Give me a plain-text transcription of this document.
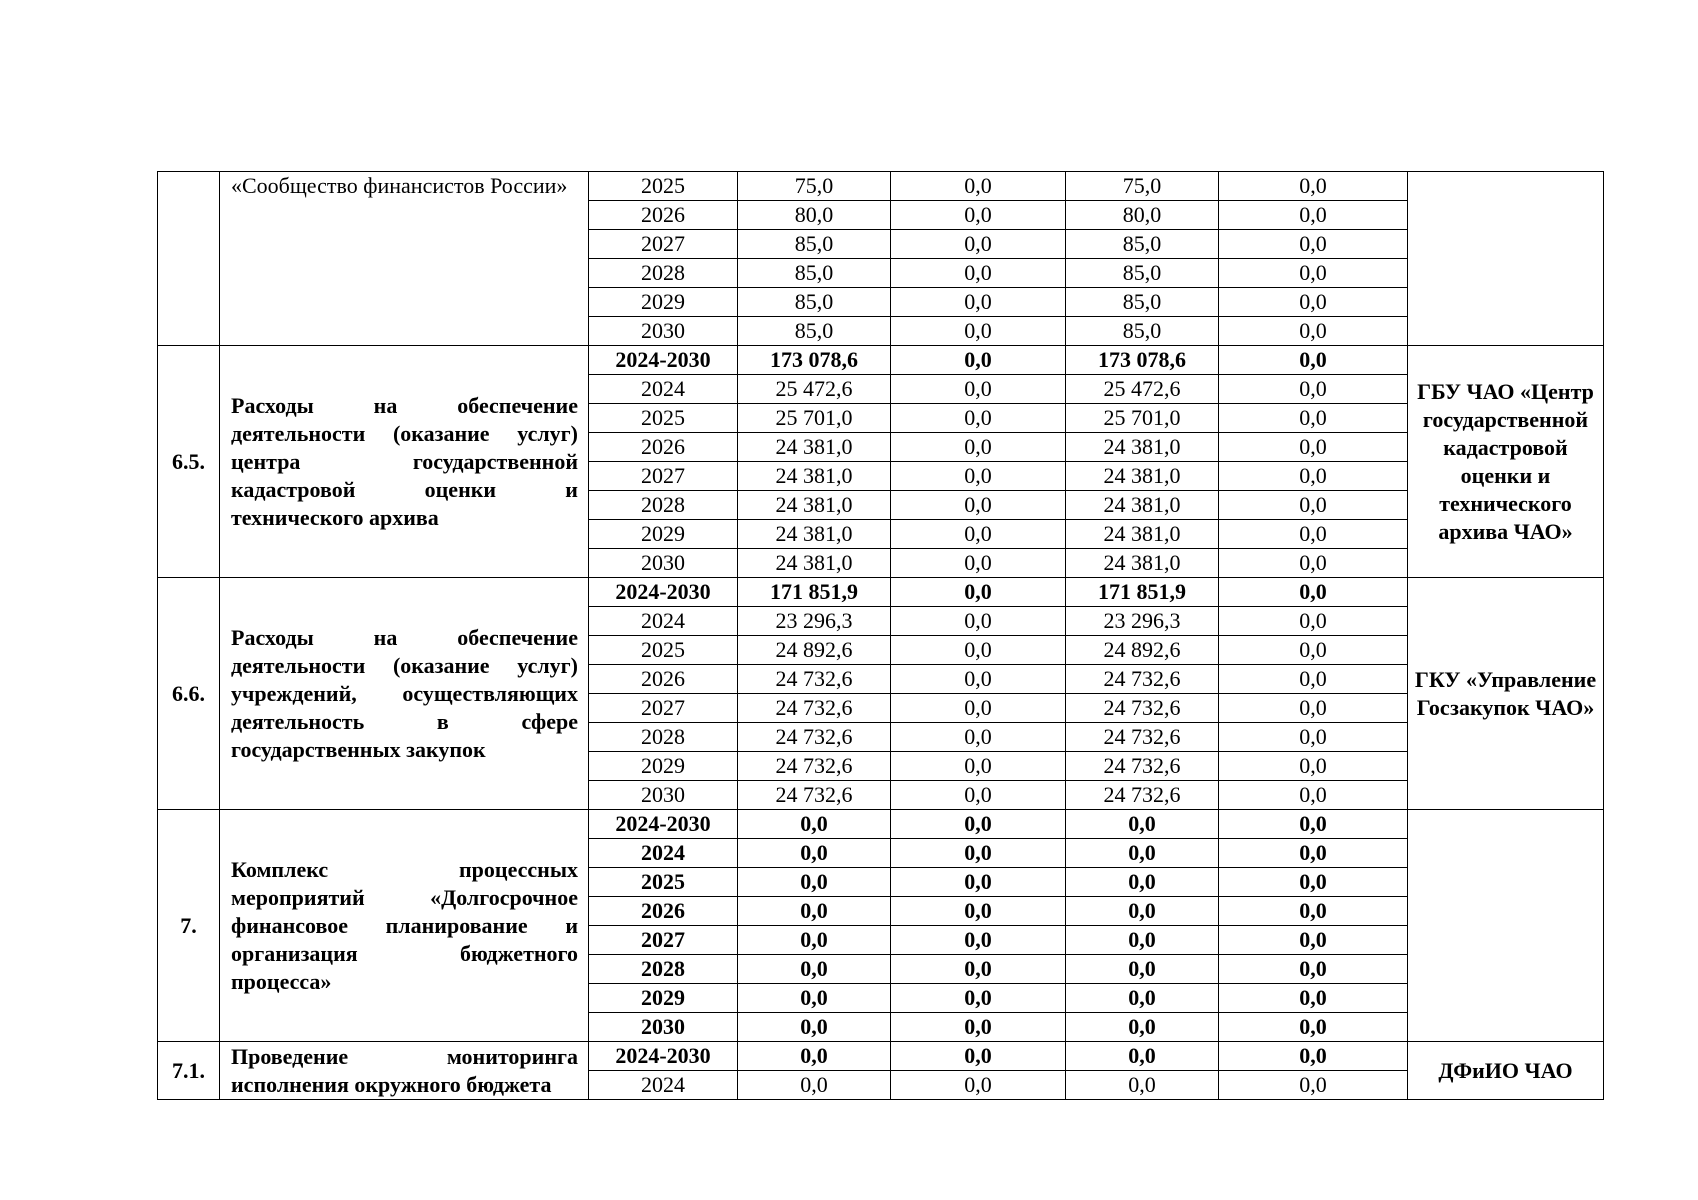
	«Сообщество финансистов России»	2025	75,0	0,0	75,0	0,0	
		2026	80,0	0,0	80,0	0,0	
		2027	85,0	0,0	85,0	0,0	
		2028	85,0	0,0	85,0	0,0	
		2029	85,0	0,0	85,0	0,0	
		2030	85,0	0,0	85,0	0,0	
6.5.	Расходы на обеспечение деятельности (оказание услуг) центра государственной кадастровой оценки и технического архива	2024-2030	173 078,6	0,0	173 078,6	0,0	ГБУ ЧАО «Центр государственной кадастровой оценки и технического архива ЧАО»
		2024	25 472,6	0,0	25 472,6	0,0	
		2025	25 701,0	0,0	25 701,0	0,0	
		2026	24 381,0	0,0	24 381,0	0,0	
		2027	24 381,0	0,0	24 381,0	0,0	
		2028	24 381,0	0,0	24 381,0	0,0	
		2029	24 381,0	0,0	24 381,0	0,0	
		2030	24 381,0	0,0	24 381,0	0,0	
6.6.	Расходы на обеспечение деятельности (оказание услуг) учреждений, осуществляющих деятельность в сфере государственных закупок	2024-2030	171 851,9	0,0	171 851,9	0,0	ГКУ «Управление Госзакупок ЧАО»
		2024	23 296,3	0,0	23 296,3	0,0	
		2025	24 892,6	0,0	24 892,6	0,0	
		2026	24 732,6	0,0	24 732,6	0,0	
		2027	24 732,6	0,0	24 732,6	0,0	
		2028	24 732,6	0,0	24 732,6	0,0	
		2029	24 732,6	0,0	24 732,6	0,0	
		2030	24 732,6	0,0	24 732,6	0,0	
7.	Комплекс процессных мероприятий «Долгосрочное финансовое планирование и организация бюджетного процесса»	2024-2030	0,0	0,0	0,0	0,0	
		2024	0,0	0,0	0,0	0,0	
		2025	0,0	0,0	0,0	0,0	
		2026	0,0	0,0	0,0	0,0	
		2027	0,0	0,0	0,0	0,0	
		2028	0,0	0,0	0,0	0,0	
		2029	0,0	0,0	0,0	0,0	
		2030	0,0	0,0	0,0	0,0	
7.1.	Проведение мониторинга исполнения окружного бюджета	2024-2030	0,0	0,0	0,0	0,0	ДФиИО ЧАО
		2024	0,0	0,0	0,0	0,0	
